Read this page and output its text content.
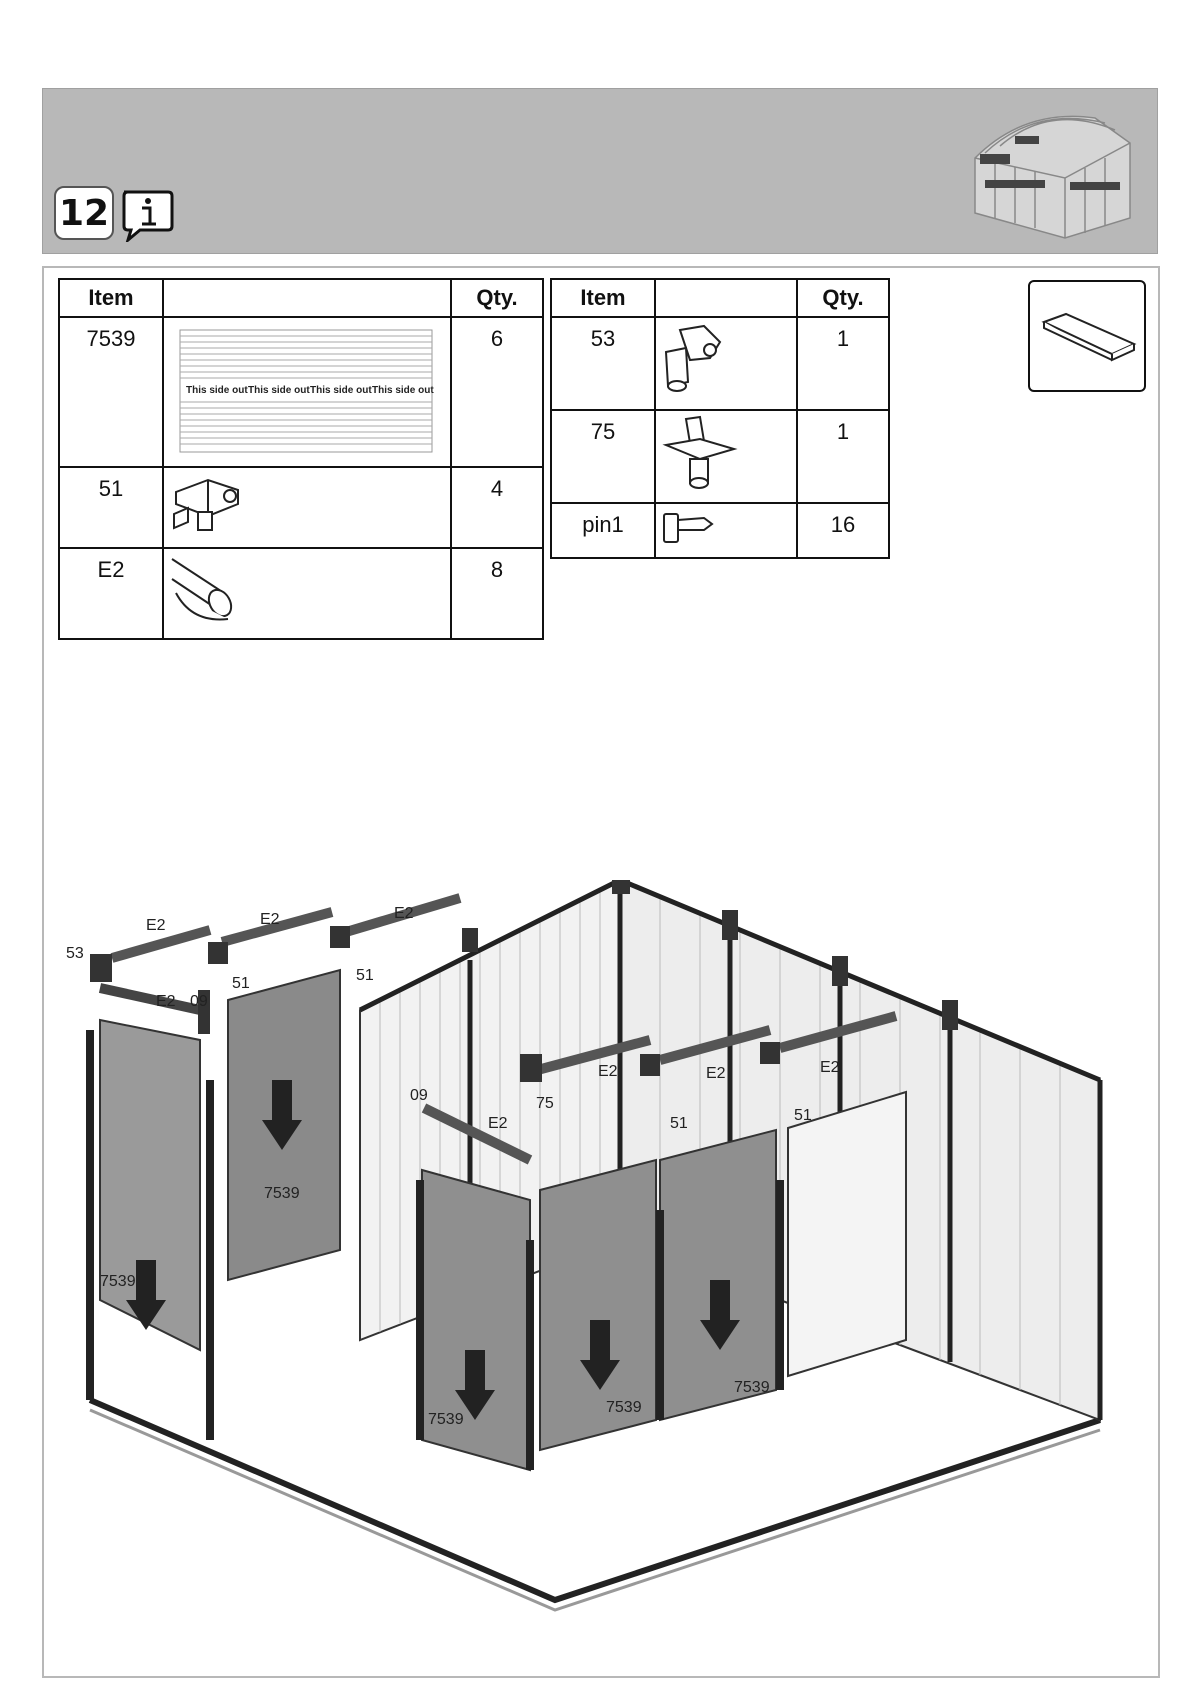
12
Item		Qty.
7539	This side out This side out This side out This side out	6
51		4
E2		8
Item		Qty.
53		1
75		1
pin1		16
E2	E2	E2
E2
E2
E2	E2	E2
53
51	51
51	51
09
09	75
7539
7539
7539
7539
7539
